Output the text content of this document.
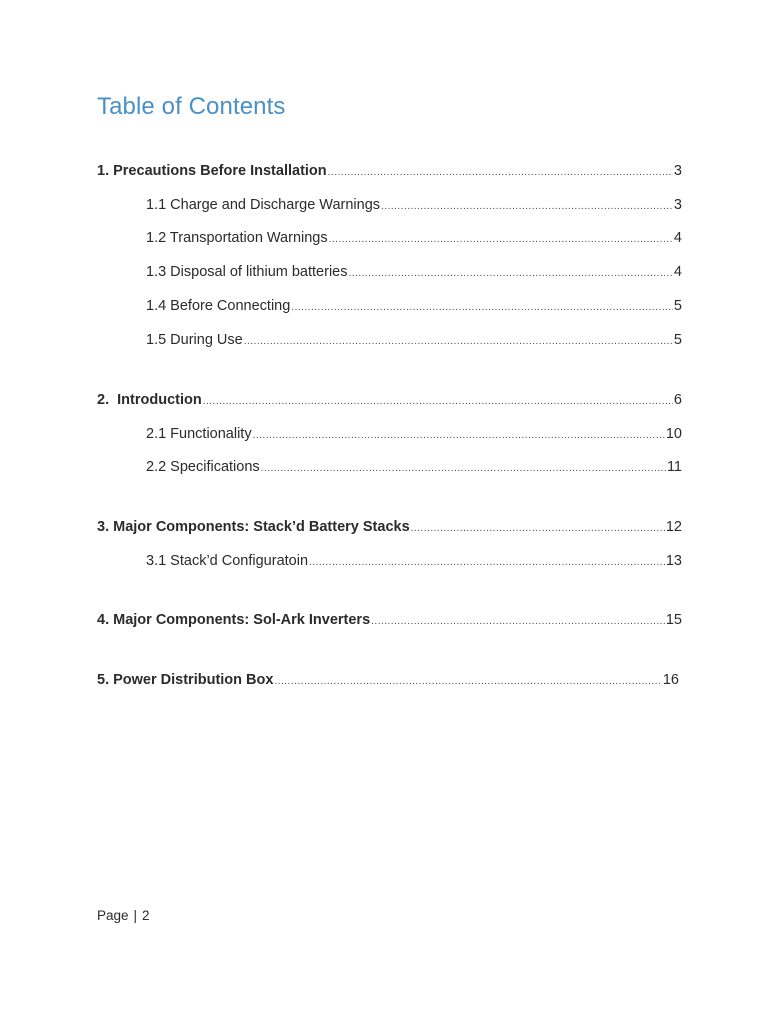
Table of Contents
1. Precautions Before Installation .....	3
1.1 Charge and Discharge Warnings .....	3
1.2 Transportation Warnings .....	4
1.3 Disposal of lithium batteries .....	4
1.4 Before Connecting .....	5
1.5 During Use .....	5
2.  Introduction .....	6
2.1 Functionality .....	10
2.2 Specifications .....	11
3. Major Components: Stack’d Battery Stacks .....	12
3.1 Stack’d Configuratoin .....	13
4. Major Components: Sol-Ark Inverters .....	15
5. Power Distribution Box .....	16
Page | 2
